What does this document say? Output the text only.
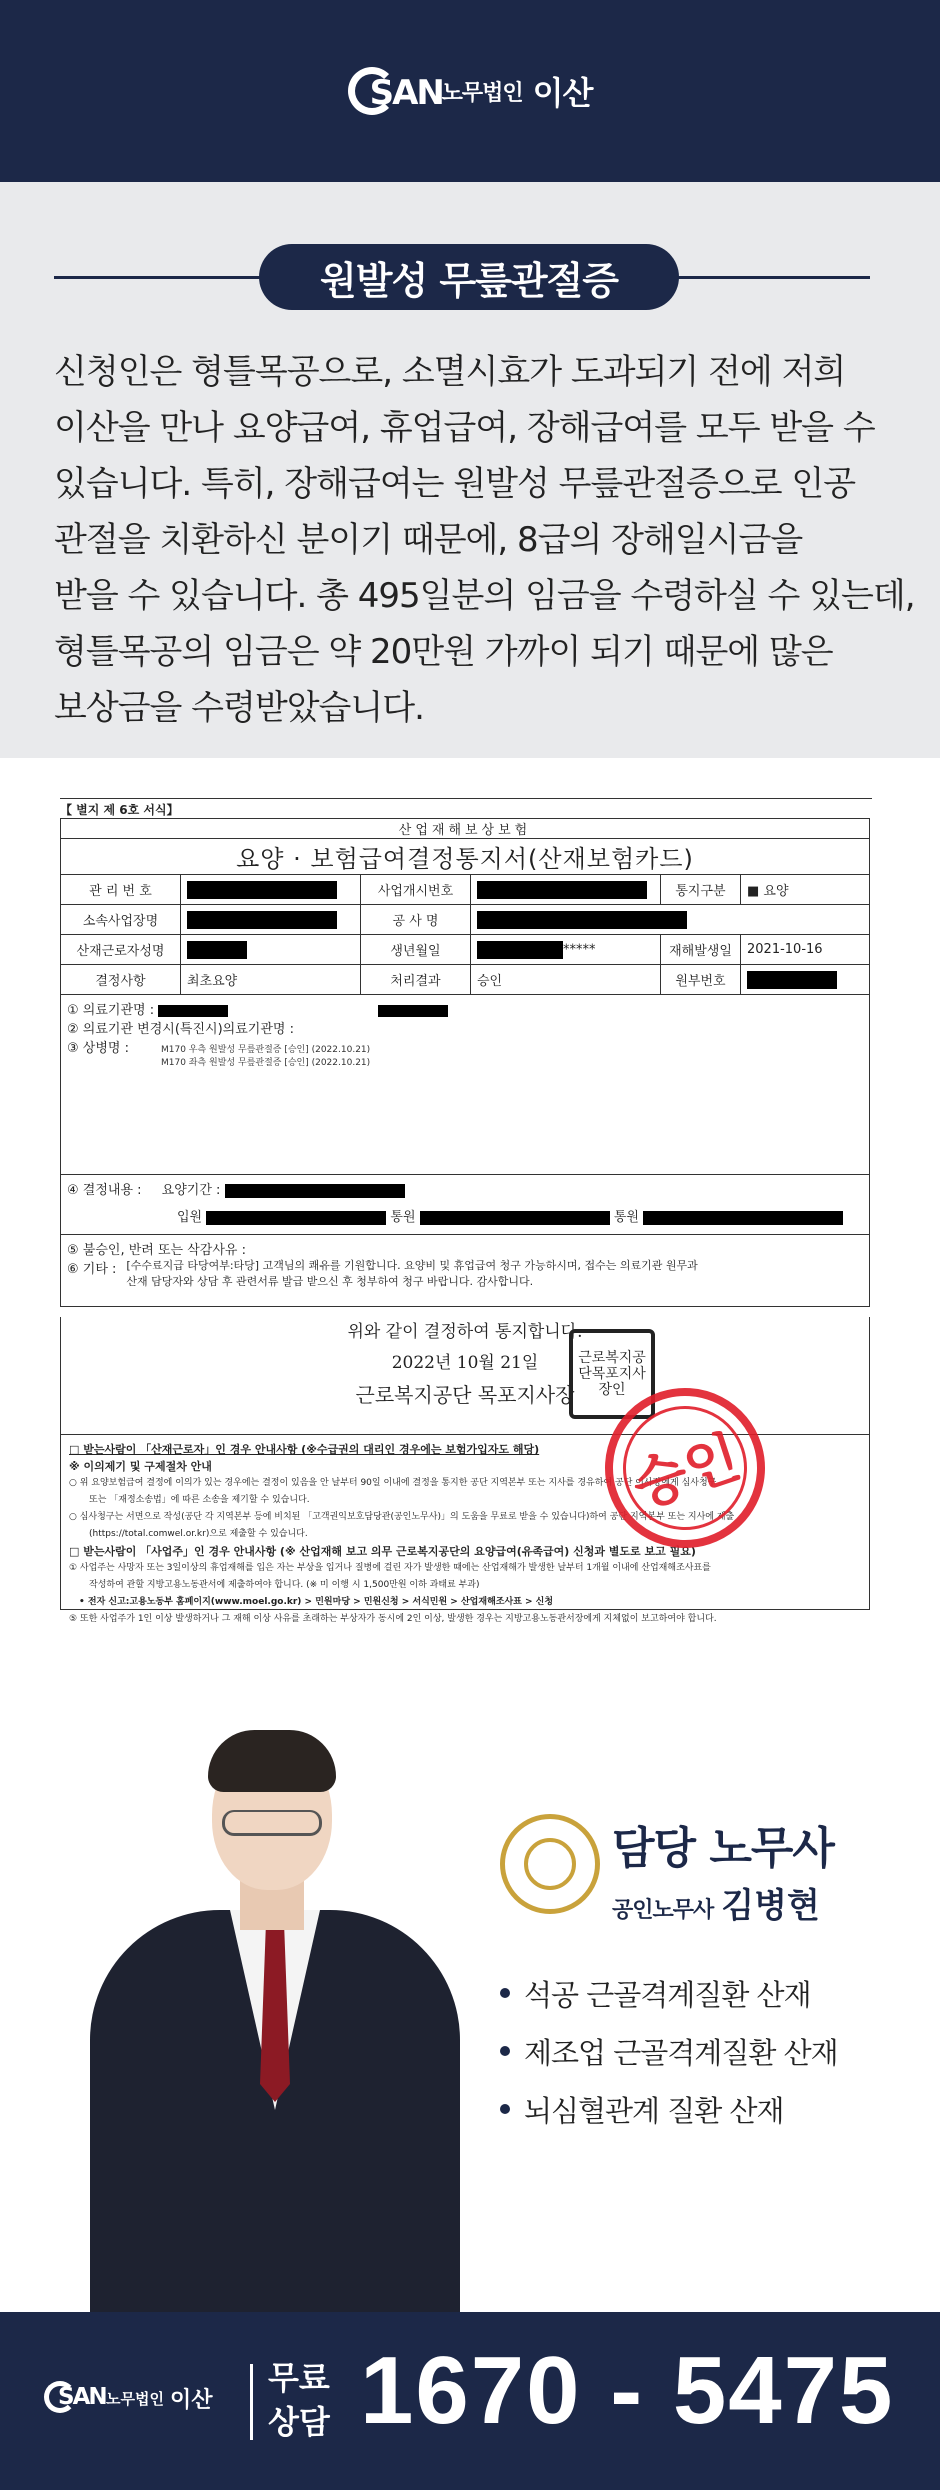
SAN
노무법인 이산
원발성 무릎관절증

신청인은 형틀목공으로, 소멸시효가 도과되기 전에 저희

이산을 만나 요양급여, 휴업급여, 장해급여를 모두 받을 수

있습니다. 특히, 장해급여는 원발성 무릎관절증으로 인공

관절을 치환하신 분이기 때문에, 8급의 장해일시금을

받을 수 있습니다. 총 495일분의 임금을 수령하실 수 있는데,

형틀목공의 임금은 약 20만원 가까이 되기 때문에 많은

보상금을 수령받았습니다.

【 별지 제 6호 서식】
산업재해보상보험					
요양 · 보험급여결정통지서(산재보험카드)					
관 리 번 호		사업개시번호		통지구분	■ 요양
소속사업장명		공 사 명			
산재근로자성명		생년월일	*****	재해발생일	2021-10-16
결정사항	최초요양	처리결과	승인	원부번호	
① 의료기관명 :
② 의료기관 변경시(특진시)의료기관명 :
③ 상병명 :	M170 우측 원발성 무릎관절증 [승인] (2022.10.21)
M170 좌측 원발성 무릎관절증 [승인] (2022.10.21)
④ 결정내용 : 요양기간 :
입원	통원	통원
⑤ 불승인, 반려 또는 삭감사유 :
⑥ 기타 : [수수료지급 타당여부:타당] 고객님의 쾌유를 기원합니다. 요양비 및 휴업급여 청구 가능하시며, 접수는 의료기관 원무과
산재 담당자와 상담 후 관련서류 발급 받으신 후 청부하여 청구 바랍니다. 감사합니다.
위와 같이 결정하여 통지합니다.
2022년 10월 21일
근로복지공단 목포지사장
근로복지공단목포지사장인
□ 받는사람이 「산재근로자」인 경우 안내사항 (※수급권의 대리인 경우에는 보험가입자도 해당)
※ 이의제기 및 구제절차 안내
○ 위 요양보험급여 결정에 이의가 있는 경우에는 결정이 있음을 안 날부터 90일 이내에 결정을 통지한 공단 지역본부 또는 지사를 경유하여 공단 이사장에게 심사청구
또는 「재정소송법」에 따른 소송을 제기할 수 있습니다.
○ 심사청구는 서면으로 작성(공단 각 지역본부 등에 비치된 「고객권익보호담당관(공인노무사)」의 도움을 무료로 받을 수 있습니다)하여 공단 지역본부 또는 지사에 제출
(https://total.comwel.or.kr)으로 제출할 수 있습니다.
□ 받는사람이 「사업주」인 경우 안내사항 (※ 산업재해 보고 의무 근로복지공단의 요양급여(유족급여) 신청과 별도로 보고 필요)
① 사업주는 사망자 또는 3일이상의 휴업재해를 입은 자는 부상을 입거나 질병에 걸린 자가 발생한 때에는 산업재해가 발생한 날부터 1개월 이내에 산업재해조사표를
작성하여 관할 지방고용노동관서에 제출하여야 합니다. (※ 미 이행 시 1,500만원 이하 과태료 부과)
• 전자 신고:고용노동부 홈페이지(www.moel.go.kr) > 민원마당 > 민원신청 > 서식민원 > 산업재해조사표 > 신청
⑤ 또한 사업주가 1인 이상 발생하거나 그 재해 이상 사유를 초래하는 부상자가 동시에 2인 이상, 발생한 경우는 지방고용노동관서장에게 지체없이 보고하여야 합니다.
승인
담당 노무사
공인노무사 김병현
석공 근골격계질환 산재
제조업 근골격계질환 산재
뇌심혈관계 질환 산재
SAN 노무법인 이산
무료
상담 1670 - 5475
